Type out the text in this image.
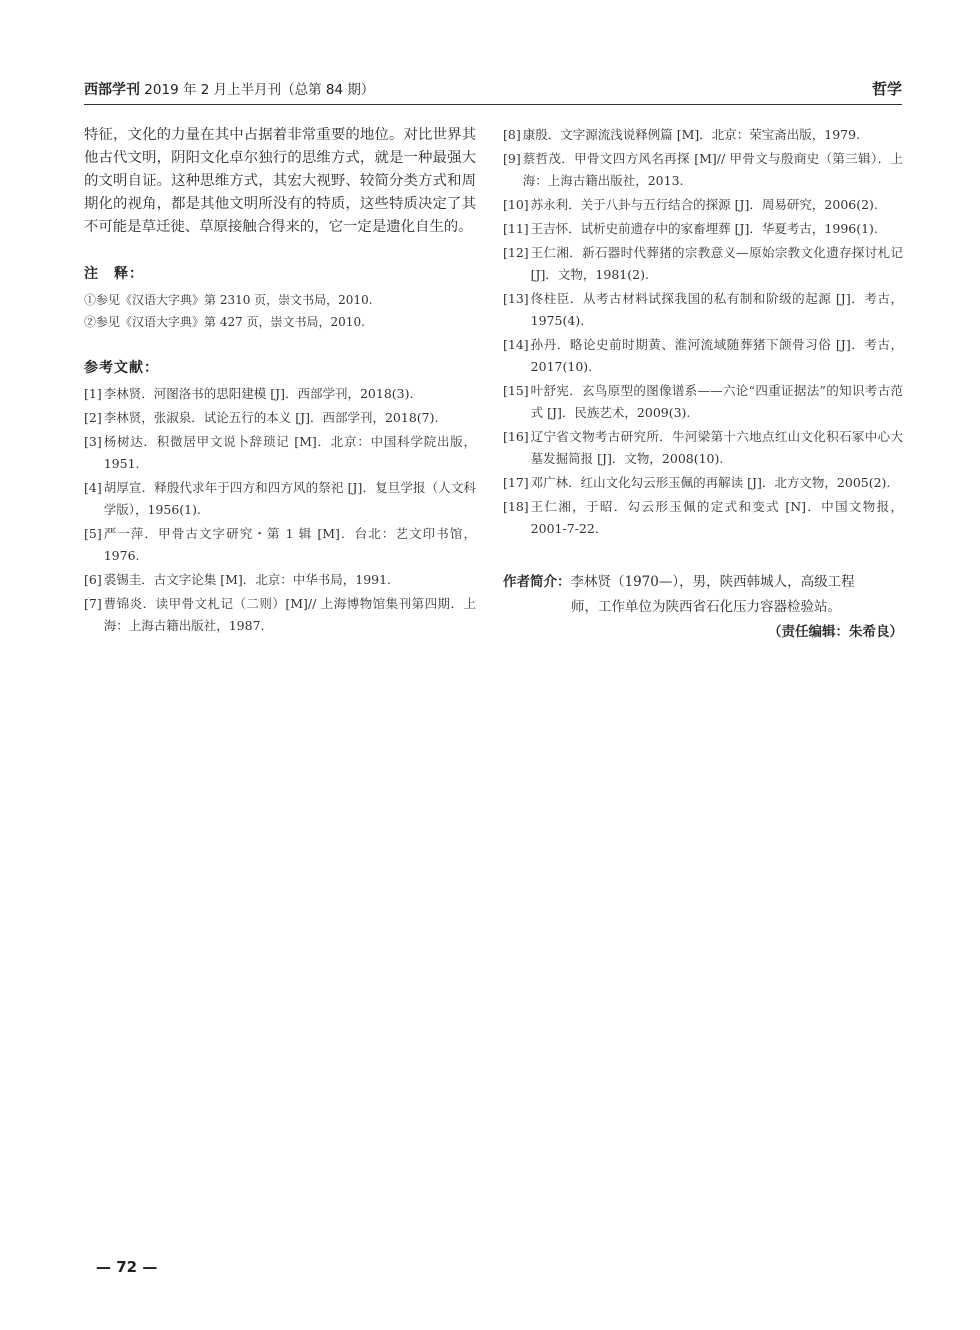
西部学刊 2019 年 2 月上半月刊（总第 84 期）	哲学

特征，文化的力量在其中占据着非常重要的地位。对比世界其他古代文明，阴阳文化卓尔独行的思维方式，就是一种最强大的文明自证。这种思维方式，其宏大视野、较简分类方式和周期化的视角，都是其他文明所没有的特质，这些特质决定了其不可能是草迁徙、草原接触合得来的，它一定是遗化自生的。

注　释：

①参见《汉语大字典》第 2310 页，崇文书局，2010.

②参见《汉语大字典》第 427 页，崇文书局，2010.

参考文献：
[1] 李林贤．河图洛书的思阳建模 [J]．西部学刊，2018(3).
[2] 李林贤，张淑泉．试论五行的本义 [J]．西部学刊，2018(7).
[3] 杨树达．积微居甲文说卜辞琐记 [M]．北京：中国科学院出版，1951.
[4] 胡厚宣．释殷代求年于四方和四方风的祭祀 [J]．复旦学报（人文科学版），1956(1).
[5] 严一萍．甲骨古文字研究・第 1 辑 [M]．台北：艺文印书馆，1976.
[6] 裘锡圭．古文字论集 [M]．北京：中华书局，1991.
[7] 曹锦炎．读甲骨文札记（二则）[M]// 上海博物馆集刊第四期．上海：上海古籍出版社，1987.
[8] 康殷．文字源流浅说释例篇 [M]．北京：荣宝斋出版，1979.
[9] 蔡哲茂．甲骨文四方风名再探 [M]// 甲骨文与殷商史（第三辑）．上海：上海古籍出版社，2013.
[10] 苏永利．关于八卦与五行结合的探源 [J]．周易研究，2006(2).
[11] 王吉怀．试析史前遗存中的家畜埋葬 [J]．华夏考古，1996(1).
[12] 王仁湘．新石器时代葬猪的宗教意义—原始宗教文化遗存探讨札记 [J]．文物，1981(2).
[13] 佟柱臣．从考古材料试探我国的私有制和阶级的起源 [J]．考古，1975(4).
[14] 孙丹．略论史前时期黄、淮河流域随葬猪下颌骨习俗 [J]．考古，2017(10).
[15] 叶舒宪．玄鸟原型的图像谱系——六论“四重证据法”的知识考古范式 [J]．民族艺术，2009(3).
[16] 辽宁省文物考古研究所．牛河梁第十六地点红山文化积石冢中心大墓发掘简报 [J]．文物，2008(10).
[17] 邓广林．红山文化勾云形玉佩的再解读 [J]．北方文物，2005(2).
[18] 王仁湘，于昭．勾云形玉佩的定式和变式 [N]．中国文物报，2001-7-22.
作者简介：李林贤（1970—），男，陕西韩城人，高级工程
师，工作单位为陕西省石化压力容器检验站。
（责任编辑：朱希良）
— 72 —
